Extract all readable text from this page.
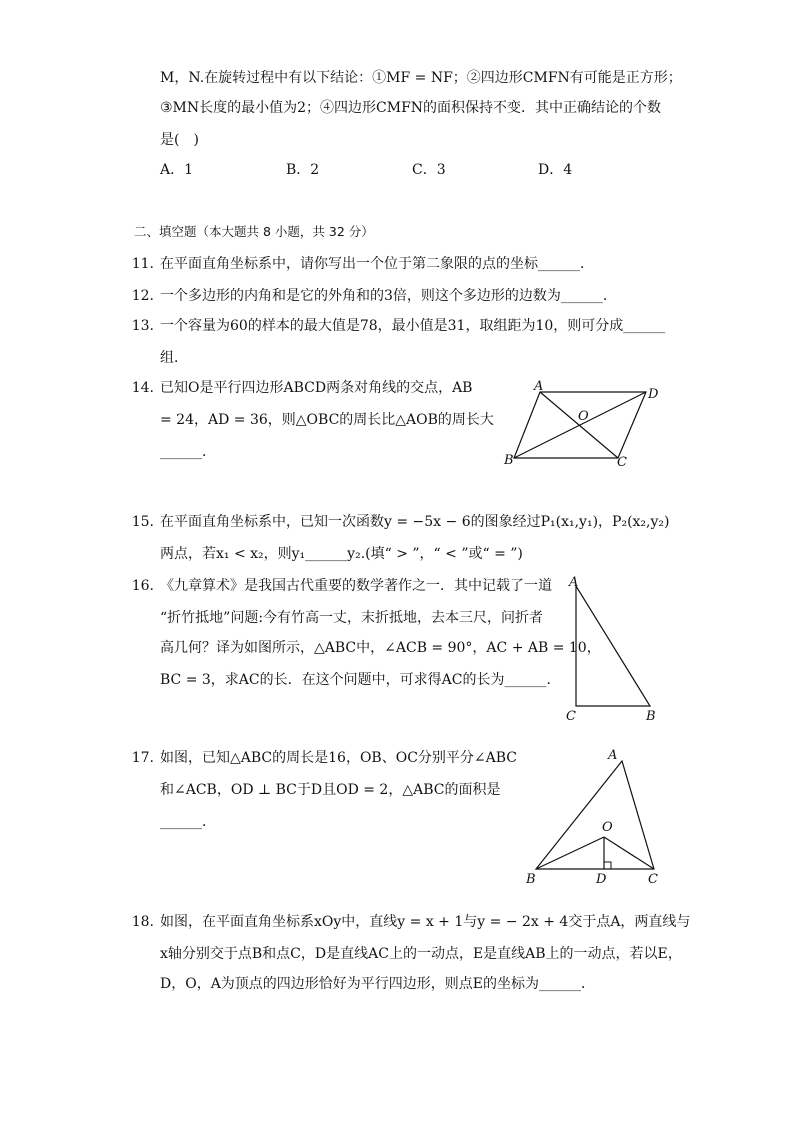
M，N.在旋转过程中有以下结论：①MF = NF；②四边形CMFN有可能是正方形；
③MN长度的最小值为2；④四边形CMFN的面积保持不变．其中正确结论的个数
是(　)
A．1	B．2	C．3	D．4
二、填空题（本大题共 8 小题，共 32 分）
11. 在平面直角坐标系中，请你写出一个位于第二象限的点的坐标______．
12. 一个多边形的内角和是它的外角和的3倍，则这个多边形的边数为______．
13. 一个容量为60的样本的最大值是78，最小值是31，取组距为10，则可分成______
组．
14. 已知O是平行四边形ABCD两条对角线的交点，AB
= 24，AD = 36，则△OBC的周长比△AOB的周长大
______．
A
D
O
B	C
15. 在平面直角坐标系中，已知一次函数y = −5x − 6的图象经过P₁(x₁,y₁)，P₂(x₂,y₂)
两点，若x₁ < x₂，则y₁______y₂.(填“ > ”，“ < ”或“ = ”)
16. 《九章算术》是我国古代重要的数学著作之一．其中记载了一道
“折竹抵地”问题:今有竹高一丈，末折抵地，去本三尺，问折者
高几何？译为如图所示，△ABC中，∠ACB = 90°，AC + AB = 10，
BC = 3，求AC的长．在这个问题中，可求得AC的长为______．
A
C	B
17. 如图，已知△ABC的周长是16，OB、OC分别平分∠ABC
和∠ACB，OD ⊥ BC于D且OD = 2，△ABC的面积是
______．
A
O
B	D	C
18. 如图，在平面直角坐标系xOy中，直线y = x + 1与y = − 2x + 4交于点A，两直线与
x轴分别交于点B和点C，D是直线AC上的一动点，E是直线AB上的一动点，若以E，
D，O，A为顶点的四边形恰好为平行四边形，则点E的坐标为______．
